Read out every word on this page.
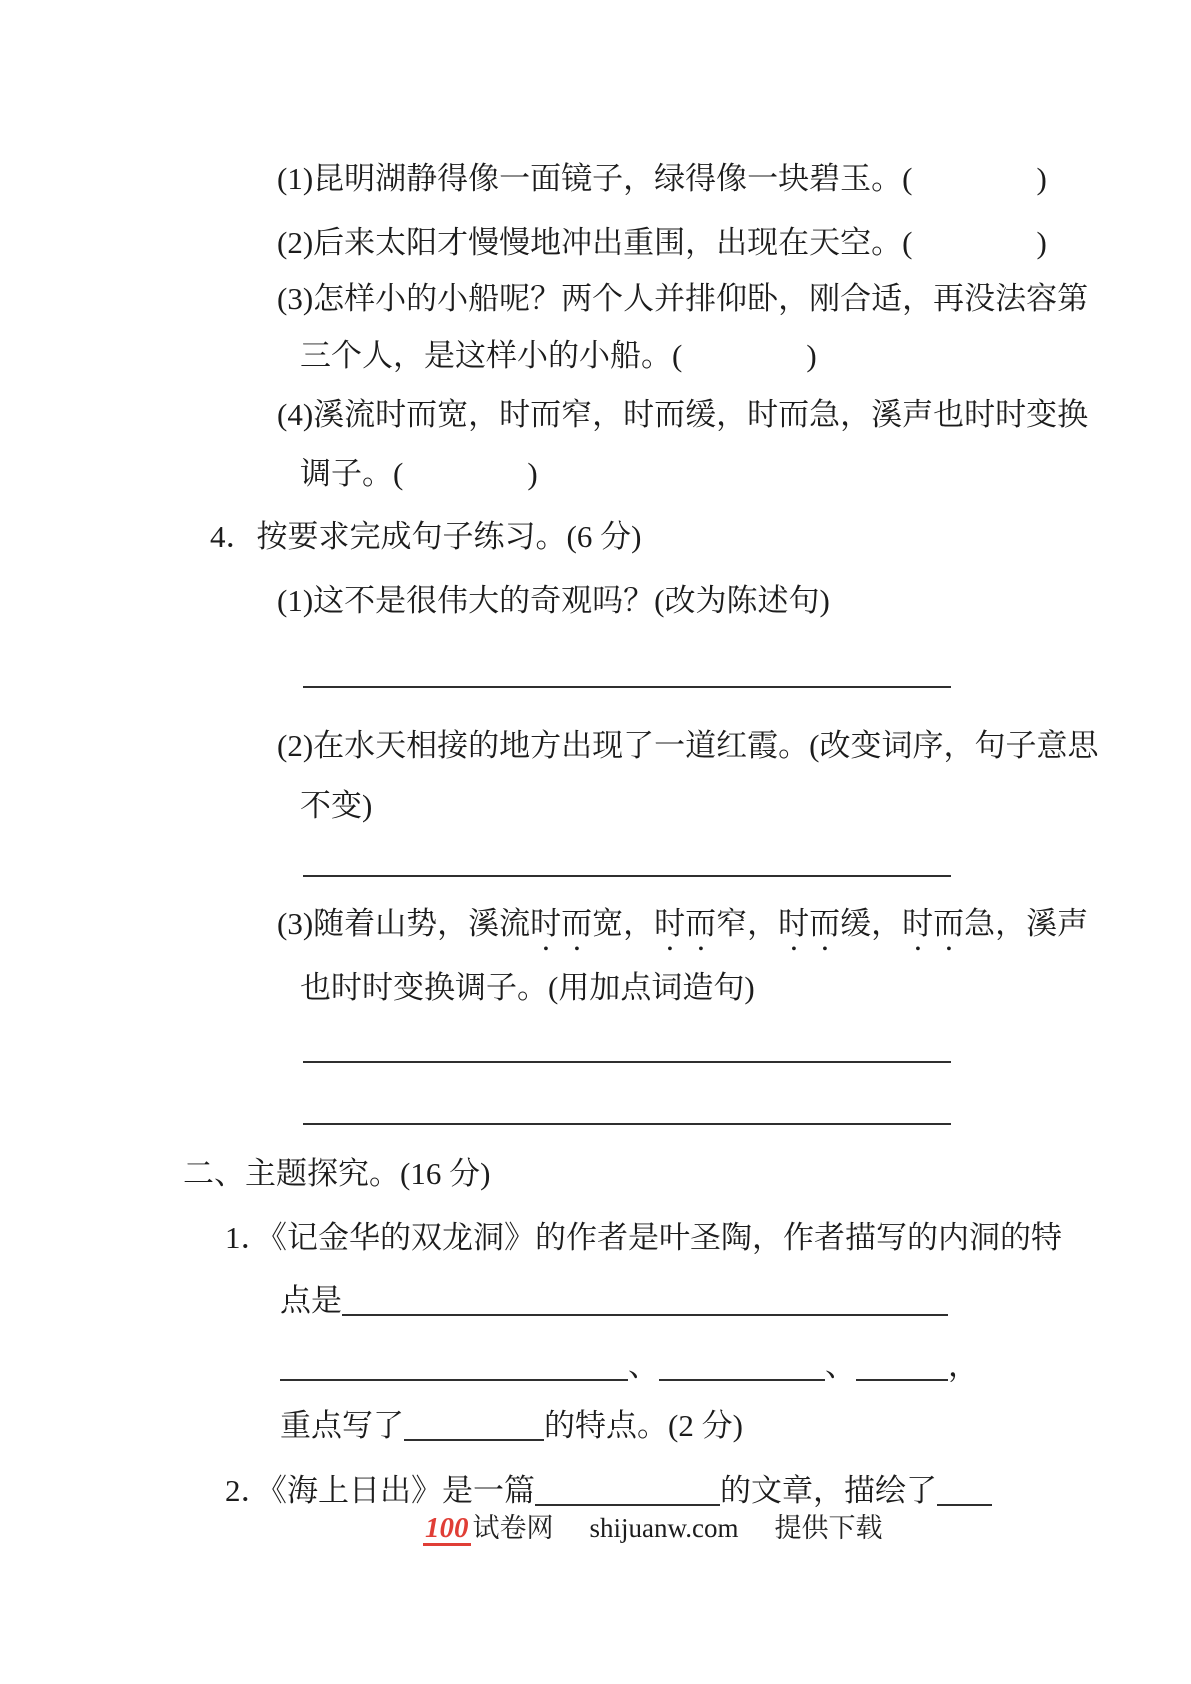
(1)昆明湖静得像一面镜子，绿得像一块碧玉。(　　　　)
(2)后来太阳才慢慢地冲出重围，出现在天空。(　　　　)
(3)怎样小的小船呢？两个人并排仰卧，刚合适，再没法容第
三个人，是这样小的小船。(　　　　)
(4)溪流时而宽，时而窄，时而缓，时而急，溪声也时时变换
调子。(　　　　)
4．按要求完成句子练习。(6 分)
(1)这不是很伟大的奇观吗？(改为陈述句)
(2)在水天相接的地方出现了一道红霞。(改变词序，句子意思
不变)
(3)随着山势，溪流时而宽，时而窄，时而缓，时而急，溪声
也时时变换调子。(用加点词造句)
二、主题探究。(16 分)
1．《记金华的双龙洞》的作者是叶圣陶，作者描写的内洞的特
点是
、	、	，
重点写了	的特点。(2 分)
2．《海上日出》是一篇	的文章，描绘了
100 试卷网 shijuanw.com 提供下载
